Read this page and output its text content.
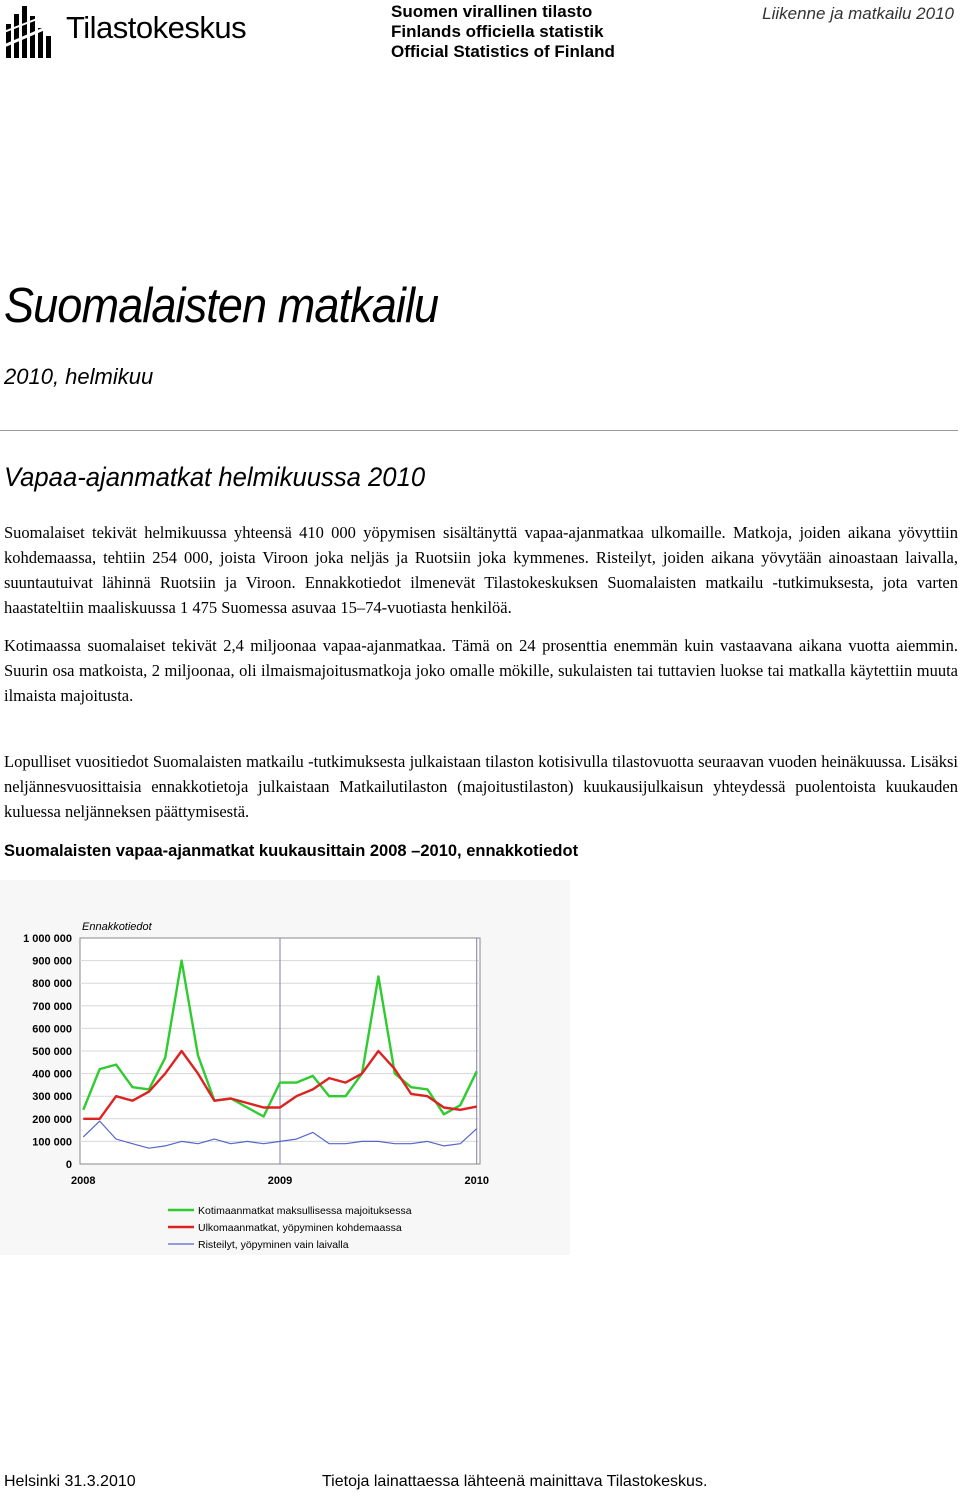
Tilastokeskus	Suomen virallinen tilasto
Finlands officiella statistik
Official Statistics of Finland
Liikenne ja matkailu 2010
Suomalaisten matkailu
2010, helmikuu
Vapaa-ajanmatkat helmikuussa 2010

Suomalaiset tekivät helmikuussa yhteensä 410 000 yöpymisen sisältänyttä vapaa-ajanmatkaa ulkomaille. Matkoja, joiden aikana yövyttiin kohdemaassa, tehtiin 254 000, joista Viroon joka neljäs ja Ruotsiin joka kymmenes. Risteilyt, joiden aikana yövytään ainoastaan laivalla, suuntautuivat lähinnä Ruotsiin ja Viroon. Ennakkotiedot ilmenevät Tilastokeskuksen Suomalaisten matkailu -tutkimuksesta, jota varten haastateltiin maaliskuussa 1 475 Suomessa asuvaa 15–74-vuotiasta henkilöä.

Kotimaassa suomalaiset tekivät 2,4 miljoonaa vapaa-ajanmatkaa. Tämä on 24 prosenttia enemmän kuin vastaavana aikana vuotta aiemmin. Suurin osa matkoista, 2 miljoonaa, oli ilmaismajoitusmatkoja joko omalle mökille, sukulaisten tai tuttavien luokse tai matkalla käytettiin muuta ilmaista majoitusta.

Lopulliset vuositiedot Suomalaisten matkailu -tutkimuksesta julkaistaan tilaston kotisivulla tilastovuotta seuraavan vuoden heinäkuussa. Lisäksi neljännesvuosittaisia ennakkotietoja julkaistaan Matkailutilaston (majoitustilaston) kuukausijulkaisun yhteydessä puolentoista kuukauden kuluessa neljänneksen päättymisestä.

Suomalaisten vapaa-ajanmatkat kuukausittain 2008 –2010, ennakkotiedot
0
100 000
200 000
300 000
400 000
500 000
600 000
700 000
800 000
900 000
1 000 000
2008	2009	2010
Ennakkotiedot
Kotimaanmatkat maksullisessa majoituksessa
Ulkomaanmatkat, yöpyminen kohdemaassa
Risteilyt, yöpyminen vain laivalla
Helsinki 31.3.2010	Tietoja lainattaessa lähteenä mainittava Tilastokeskus.
